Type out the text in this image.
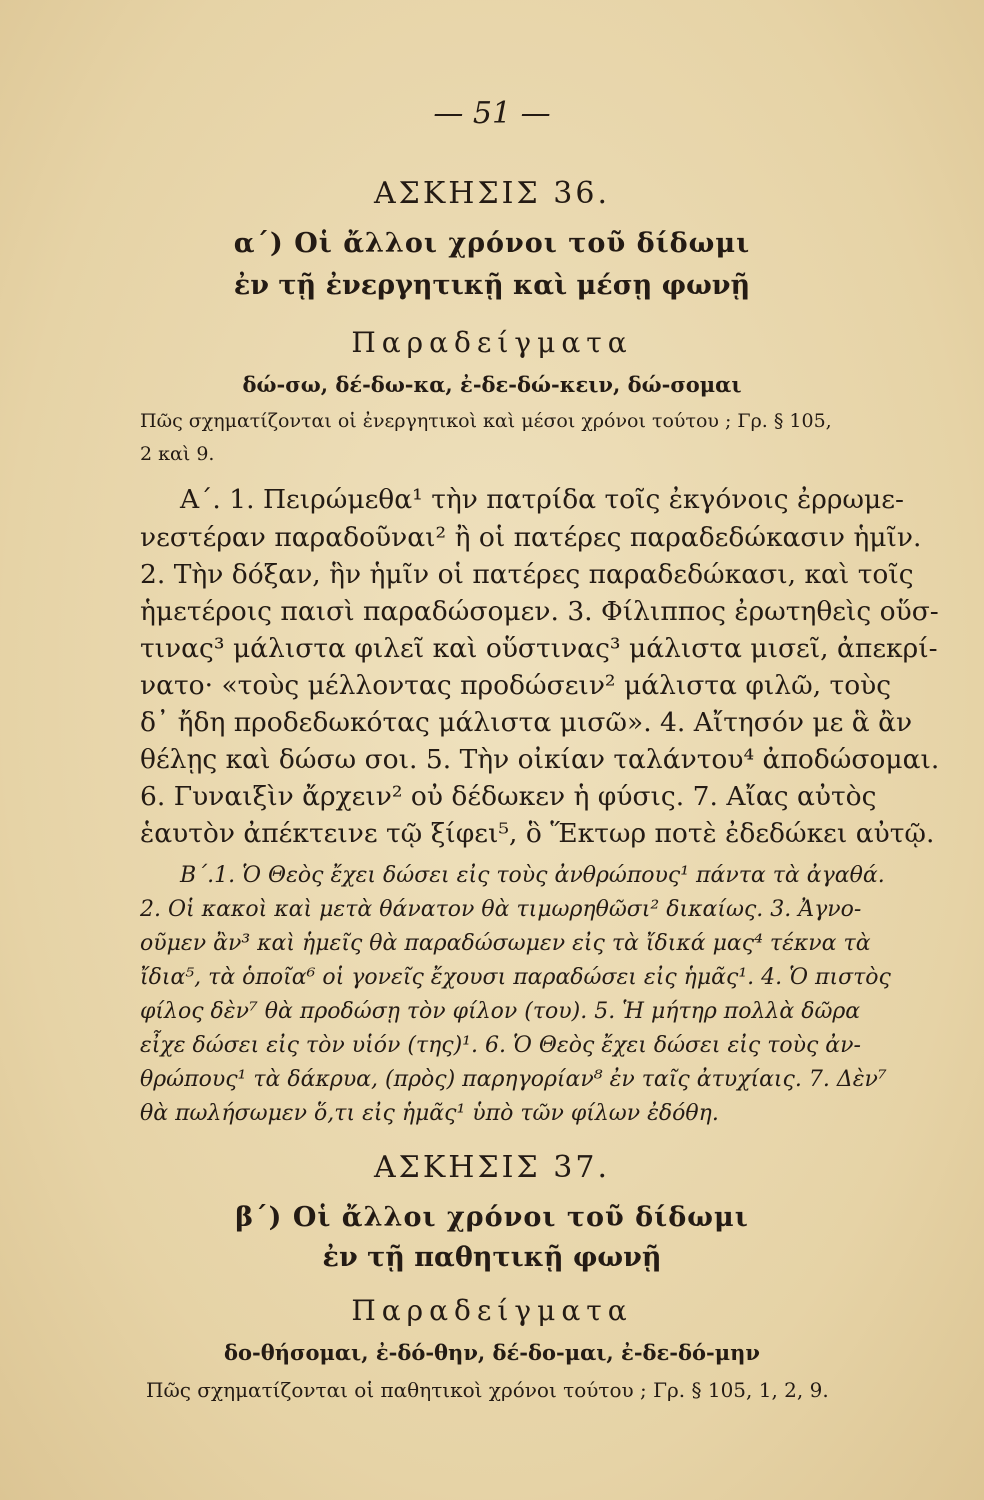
— 51 —

ΑΣΚΗΣΙΣ 36.

α΄) Οἱ ἄλλοι χρόνοι τοῦ δίδωμι

ἐν τῇ ἐνεργητικῇ καὶ μέσῃ φωνῇ

Παραδείγματα

δώ-σω, δέ-δω-κα, ἐ-δε-δώ-κειν, δώ-σομαι

Πῶς σχηματίζονται οἱ ἐνεργητικοὶ καὶ μέσοι χρόνοι τούτου ; Γρ. § 105,

2 καὶ 9.

Α΄. 1. Πειρώμεθα¹ τὴν πατρίδα τοῖς ἐκγόνοις ἐρρωμε-

νεστέραν παραδοῦναι² ἢ οἱ πατέρες παραδεδώκασιν ἡμῖν.

2. Τὴν δόξαν, ἣν ἡμῖν οἱ πατέρες παραδεδώκασι, καὶ τοῖς

ἡμετέροις παισὶ παραδώσομεν. 3. Φίλιππος ἐρωτηθεὶς οὕσ-

τινας³ μάλιστα φιλεῖ καὶ οὕστινας³ μάλιστα μισεῖ, ἀπεκρί-

νατο· «τοὺς μέλλοντας προδώσειν² μάλιστα φιλῶ, τοὺς

δ᾽ ἤδη προδεδωκότας μάλιστα μισῶ». 4. Αἴτησόν με ἃ ἂν

θέλῃς καὶ δώσω σοι. 5. Τὴν οἰκίαν ταλάντου⁴ ἀποδώσομαι.

6. Γυναιξὶν ἄρχειν² οὐ δέδωκεν ἡ φύσις. 7. Αἴας αὐτὸς

ἑαυτὸν ἀπέκτεινε τῷ ξίφει⁵, ὃ Ἕκτωρ ποτὲ ἐδεδώκει αὐτῷ.

Β΄.1. Ὁ Θεὸς ἔχει δώσει εἰς τοὺς ἀνθρώπους¹ πάντα τὰ ἀγαθά.

2. Οἱ κακοὶ καὶ μετὰ θάνατον θὰ τιμωρηθῶσι² δικαίως. 3. Ἀγνο-

οῦμεν ἂν³ καὶ ἡμεῖς θὰ παραδώσωμεν εἰς τὰ ἴδικά μας⁴ τέκνα τὰ

ἴδια⁵, τὰ ὁποῖα⁶ οἱ γονεῖς ἔχουσι παραδώσει εἰς ἡμᾶς¹. 4. Ὁ πιστὸς

φίλος δὲν⁷ θὰ προδώσῃ τὸν φίλον (του). 5. Ἡ μήτηρ πολλὰ δῶρα

εἶχε δώσει εἰς τὸν υἱόν (της)¹. 6. Ὁ Θεὸς ἔχει δώσει εἰς τοὺς ἀν-

θρώπους¹ τὰ δάκρυα, (πρὸς) παρηγορίαν⁸ ἐν ταῖς ἀτυχίαις. 7. Δὲν⁷

θὰ πωλήσωμεν ὅ,τι εἰς ἡμᾶς¹ ὑπὸ τῶν φίλων ἐδόθη.

ΑΣΚΗΣΙΣ 37.

β΄) Οἱ ἄλλοι χρόνοι τοῦ δίδωμι

ἐν τῇ παθητικῇ φωνῇ

Παραδείγματα

δο-θήσομαι, ἐ-δό-θην, δέ-δο-μαι, ἐ-δε-δό-μην

Πῶς σχηματίζονται οἱ παθητικοὶ χρόνοι τούτου ; Γρ. § 105, 1, 2, 9.
